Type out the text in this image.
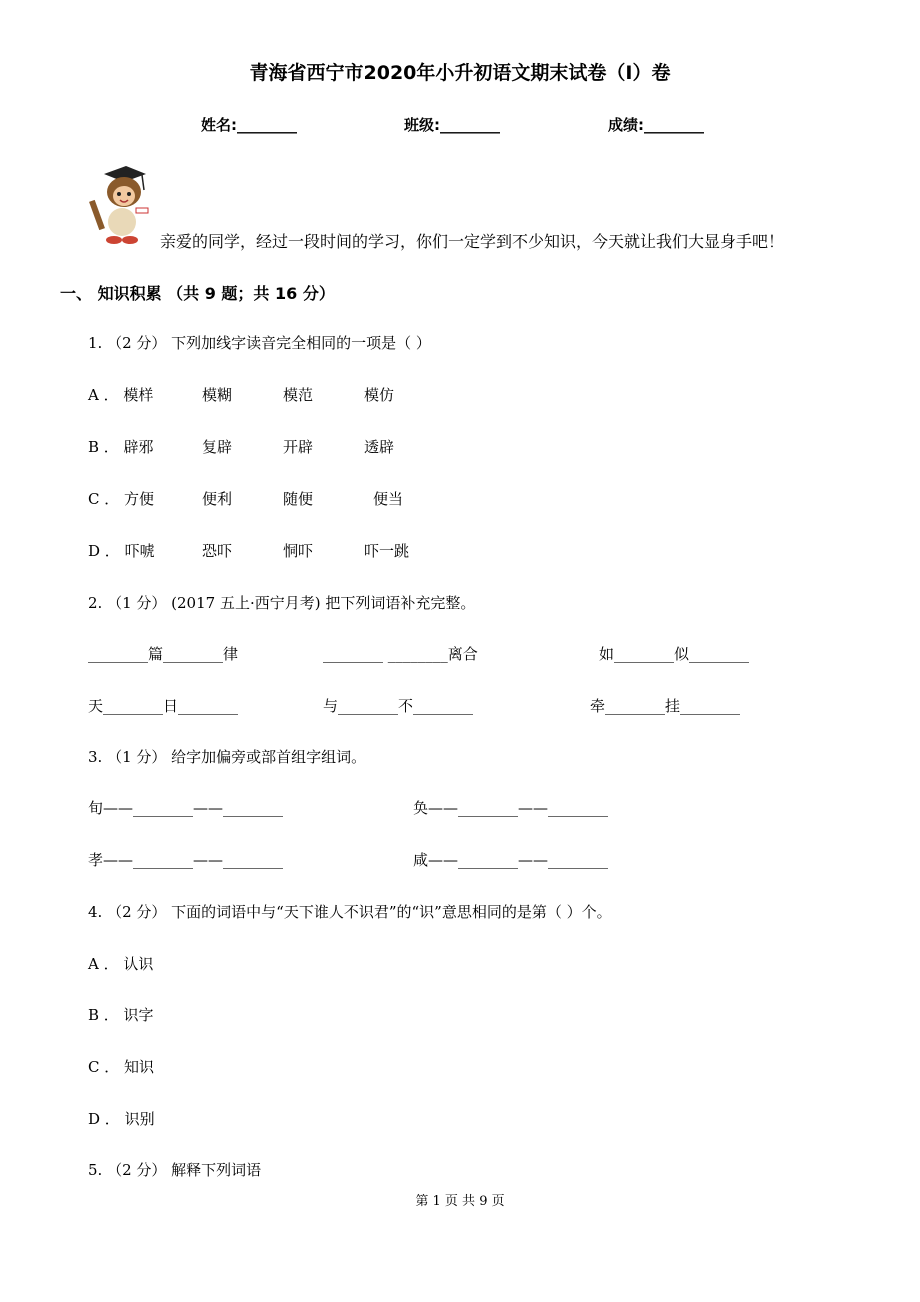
青海省西宁市2020年小升初语文期末试卷（I）卷
姓名:________	班级:________	成绩:________
亲爱的同学，经过一段时间的学习，你们一定学到不少知识，今天就让我们大显身手吧！
一、 知识积累 （共 9 题；共 16 分）
1. （2 分） 下列加线字读音完全相同的一项是（ ）
A ． 模样	模糊	模范	模仿
B ． 辟邪	复辟	开辟	透辟
C ． 方便	便利	随便	便当
D ． 吓唬	恐吓	恫吓	吓一跳
2. （1 分） (2017 五上·西宁月考) 把下列词语补充完整。
________篇________律	________ ________离合	如________似________
天________日________	与________不________	牵________挂________
3. （1 分） 给字加偏旁或部首组字组词。
旬——________——________	奂——________——________
孝——________——________	咸——________——________
4. （2 分） 下面的词语中与“天下谁人不识君”的“识”意思相同的是第（ ）个。
A ． 认识
B ． 识字
C ． 知识
D ． 识别
5. （2 分） 解释下列词语
第 1 页 共 9 页
